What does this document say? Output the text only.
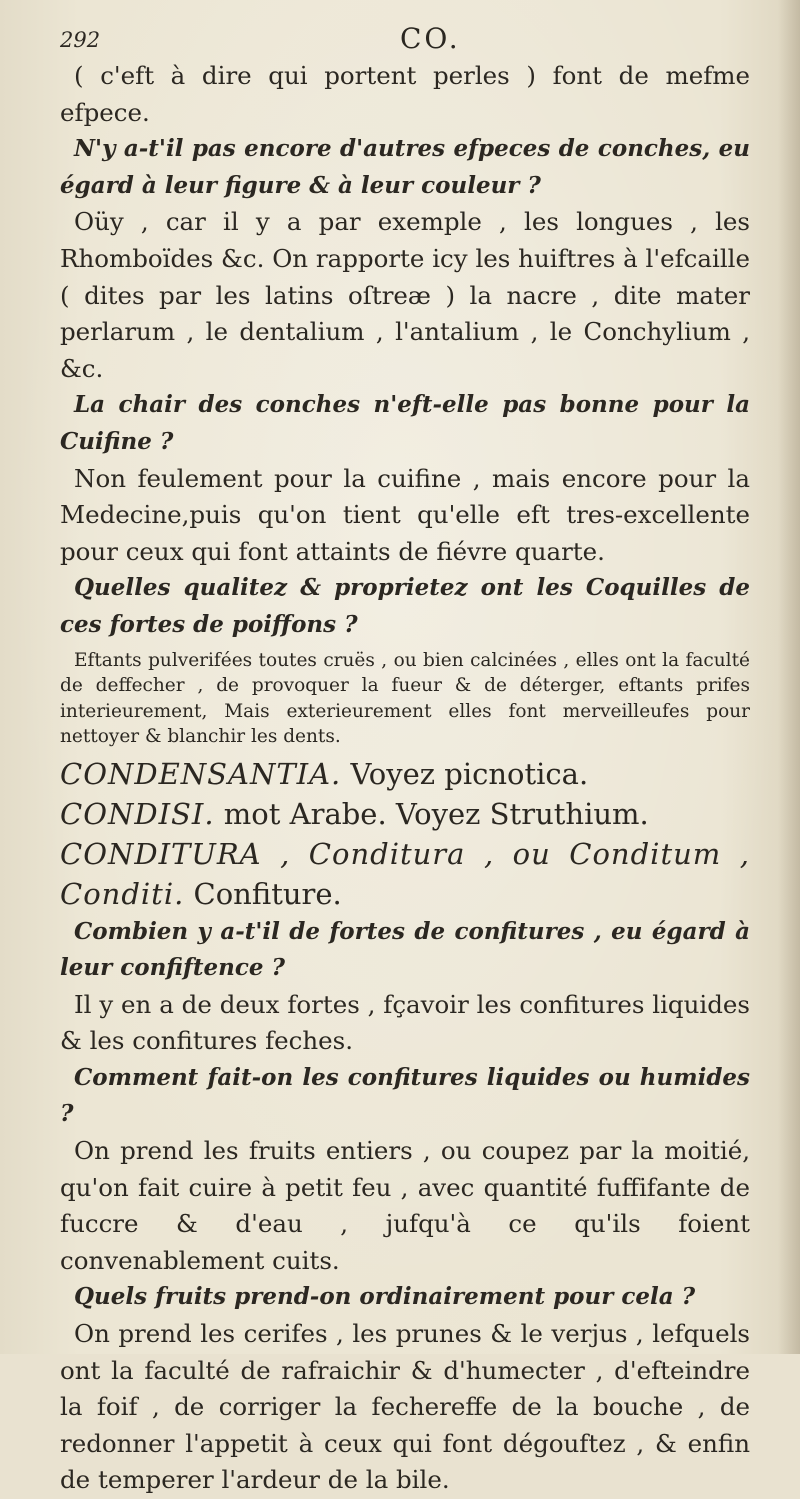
292	CO.

( c'eft à dire qui portent perles ) font de mefme efpece.

N'y a-t'il pas encore d'autres efpeces de conches, eu égard à leur figure & à leur couleur ?

Oüy , car il y a par exemple , les longues , les Rhomboïdes &c. On rapporte icy les huiftres à l'efcaille ( dites par les latins oſtreæ ) la nacre , dite mater perlarum , le dentalium , l'antalium , le Conchylium , &c.

La chair des conches n'eft-elle pas bonne pour la Cuifine ?

Non feulement pour la cuifine , mais encore pour la Medecine,puis qu'on tient qu'elle eft tres-excellente pour ceux qui font attaints de fiévre quarte.

Quelles qualitez & proprietez ont les Coquilles de ces fortes de poiffons ?

Eftants pulverifées toutes cruës , ou bien calcinées , elles ont la faculté de deffecher , de provoquer la fueur & de déterger, eftants prifes interieurement, Mais exterieurement elles font merveilleufes pour nettoyer & blanchir les dents.

CONDENSANTIA. Voyez picnotica.

CONDISI. mot Arabe. Voyez Struthium.

CONDITURA , Conditura , ou Conditum , Conditi. Confiture.

Combien y a-t'il de fortes de confitures , eu égard à leur confiftence ?

Il y en a de deux fortes , fçavoir les confitures liquides & les confitures feches.

Comment fait-on les confitures liquides ou humides ?

On prend les fruits entiers , ou coupez par la moitié, qu'on fait cuire à petit feu , avec quantité fuffifante de fuccre & d'eau , jufqu'à ce qu'ils foient convenablement cuits.

Quels fruits prend-on ordinairement pour cela ?

On prend les cerifes , les prunes & le verjus , lefquels ont la faculté de rafraichir & d'humecter , d'efteindre la foif , de corriger la fechereffe de la bouche , de redonner l'appetit à ceux qui font dégouftez , & enfin de temperer l'ardeur de la bile.
